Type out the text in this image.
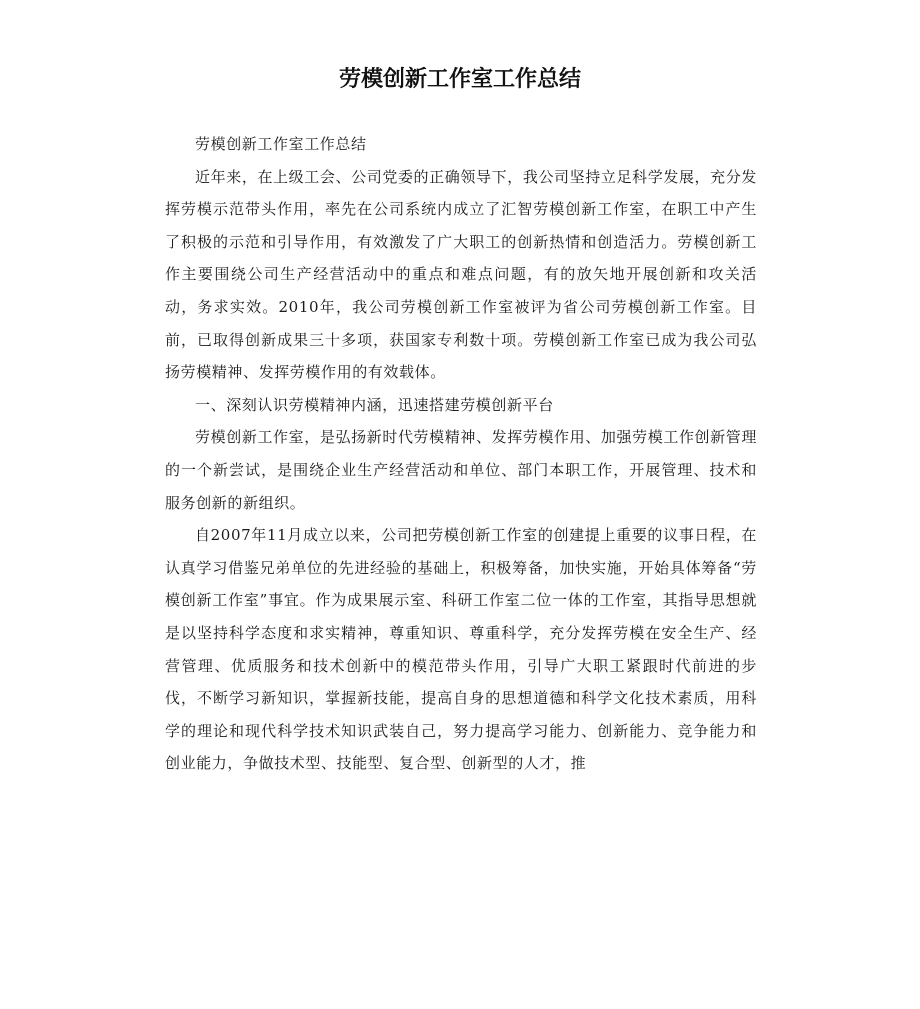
劳模创新工作室工作总结

劳模创新工作室工作总结

近年来，在上级工会、公司党委的正确领导下，我公司坚持立足科学发展，充分发挥劳模示范带头作用，率先在公司系统内成立了汇智劳模创新工作室，在职工中产生了积极的示范和引导作用，有效激发了广大职工的创新热情和创造活力。劳模创新工作主要围绕公司生产经营活动中的重点和难点问题，有的放矢地开展创新和攻关活动，务求实效。2010年，我公司劳模创新工作室被评为省公司劳模创新工作室。目前，已取得创新成果三十多项，获国家专利数十项。劳模创新工作室已成为我公司弘扬劳模精神、发挥劳模作用的有效载体。

一、深刻认识劳模精神内涵，迅速搭建劳模创新平台

劳模创新工作室，是弘扬新时代劳模精神、发挥劳模作用、加强劳模工作创新管理的一个新尝试，是围绕企业生产经营活动和单位、部门本职工作，开展管理、技术和服务创新的新组织。

自2007年11月成立以来，公司把劳模创新工作室的创建提上重要的议事日程，在认真学习借鉴兄弟单位的先进经验的基础上，积极筹备，加快实施，开始具体筹备“劳模创新工作室”事宜。作为成果展示室、科研工作室二位一体的工作室，其指导思想就是以坚持科学态度和求实精神，尊重知识、尊重科学，充分发挥劳模在安全生产、经营管理、优质服务和技术创新中的模范带头作用，引导广大职工紧跟时代前进的步伐，不断学习新知识，掌握新技能，提高自身的思想道德和科学文化技术素质，用科学的理论和现代科学技术知识武装自己，努力提高学习能力、创新能力、竞争能力和创业能力，争做技术型、技能型、复合型、创新型的人才，推
